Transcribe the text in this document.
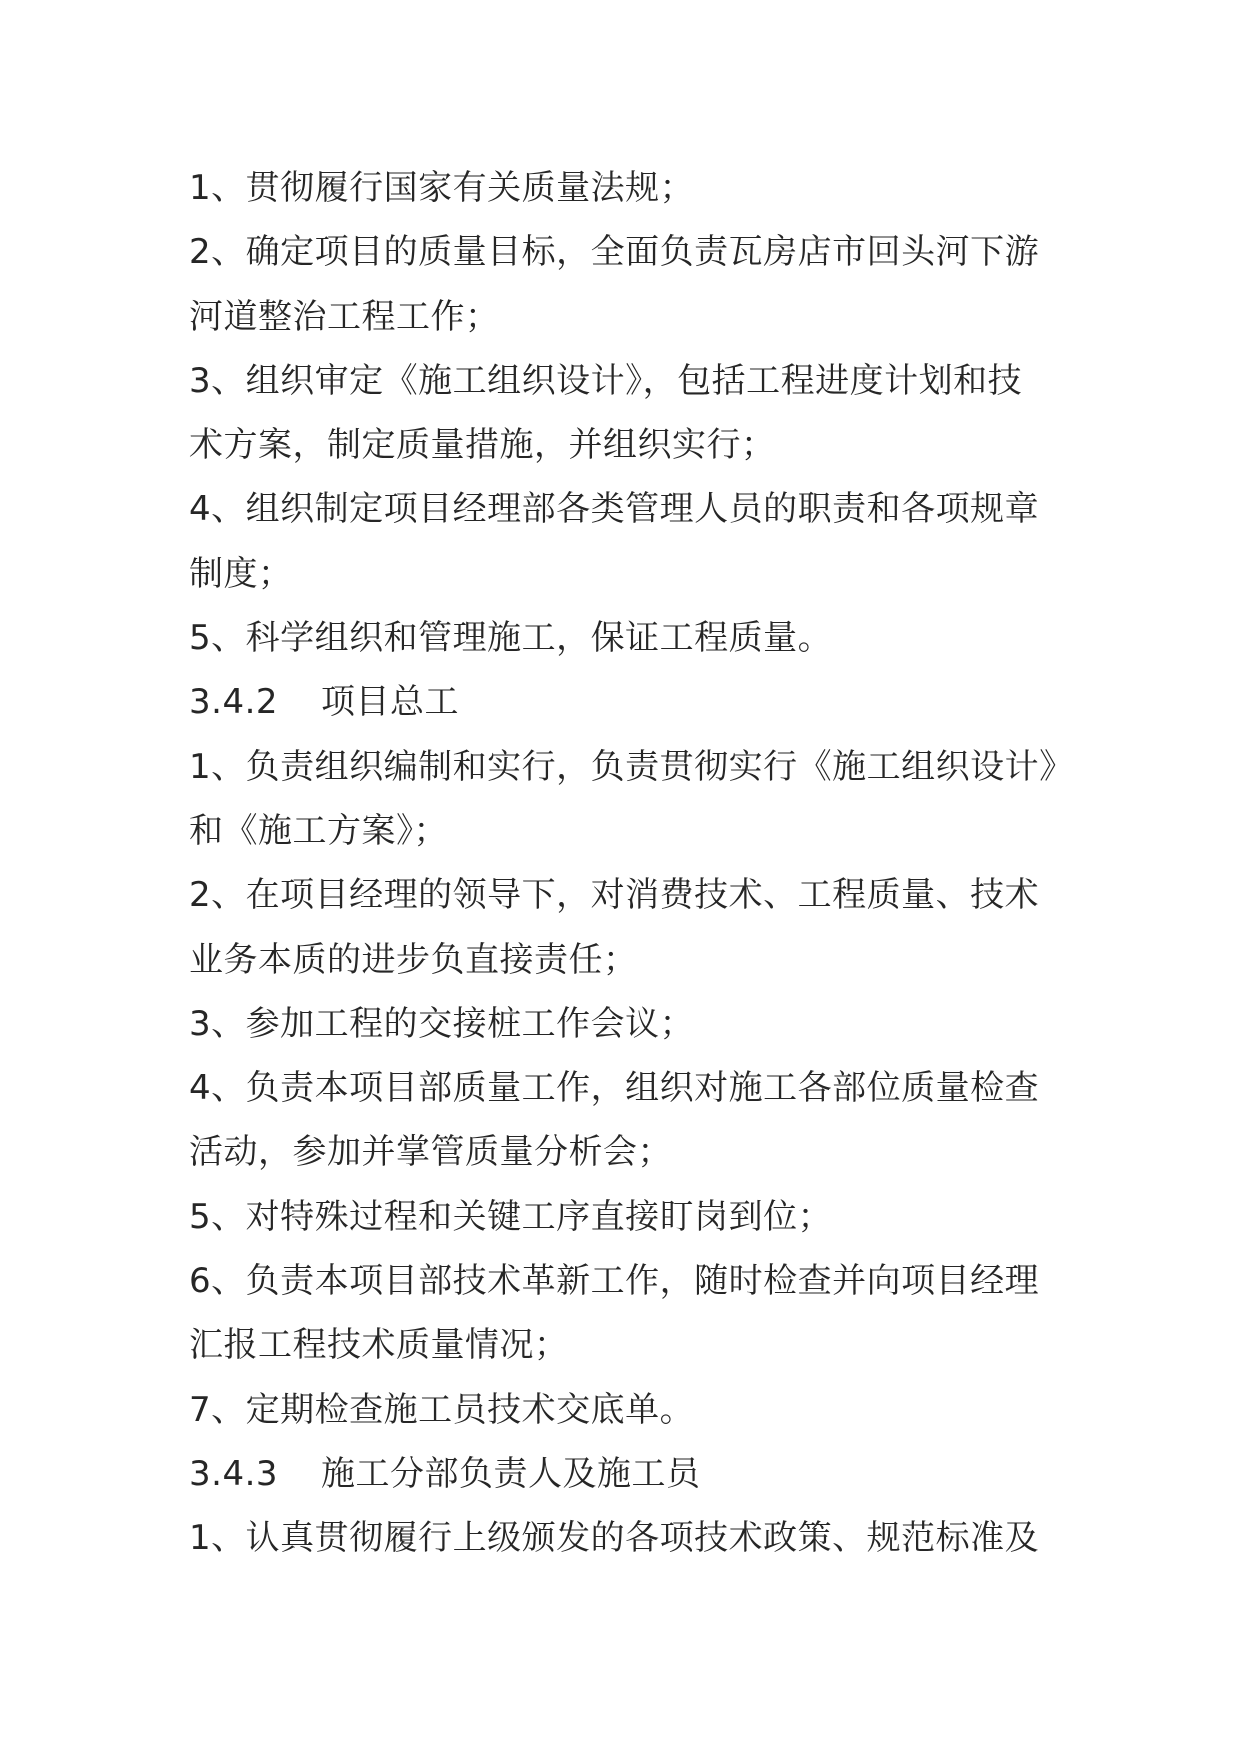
1、贯彻履行国家有关质量法规；

2、确定项目的质量目标，全面负责瓦房店市回头河下游

河道整治工程工作；

3、组织审定《施工组织设计》，包括工程进度计划和技

术方案，制定质量措施，并组织实行；

4、组织制定项目经理部各类管理人员的职责和各项规章

制度；

5、科学组织和管理施工，保证工程质量。

3.4.2 项目总工

1、负责组织编制和实行，负责贯彻实行《施工组织设计》

和《施工方案》；

2、在项目经理的领导下，对消费技术、工程质量、技术

业务本质的进步负直接责任；

3、参加工程的交接桩工作会议；

4、负责本项目部质量工作，组织对施工各部位质量检查

活动，参加并掌管质量分析会；

5、对特殊过程和关键工序直接盯岗到位；

6、负责本项目部技术革新工作，随时检查并向项目经理

汇报工程技术质量情况；

7、定期检查施工员技术交底单。

3.4.3 施工分部负责人及施工员

1、认真贯彻履行上级颁发的各项技术政策、规范标准及
